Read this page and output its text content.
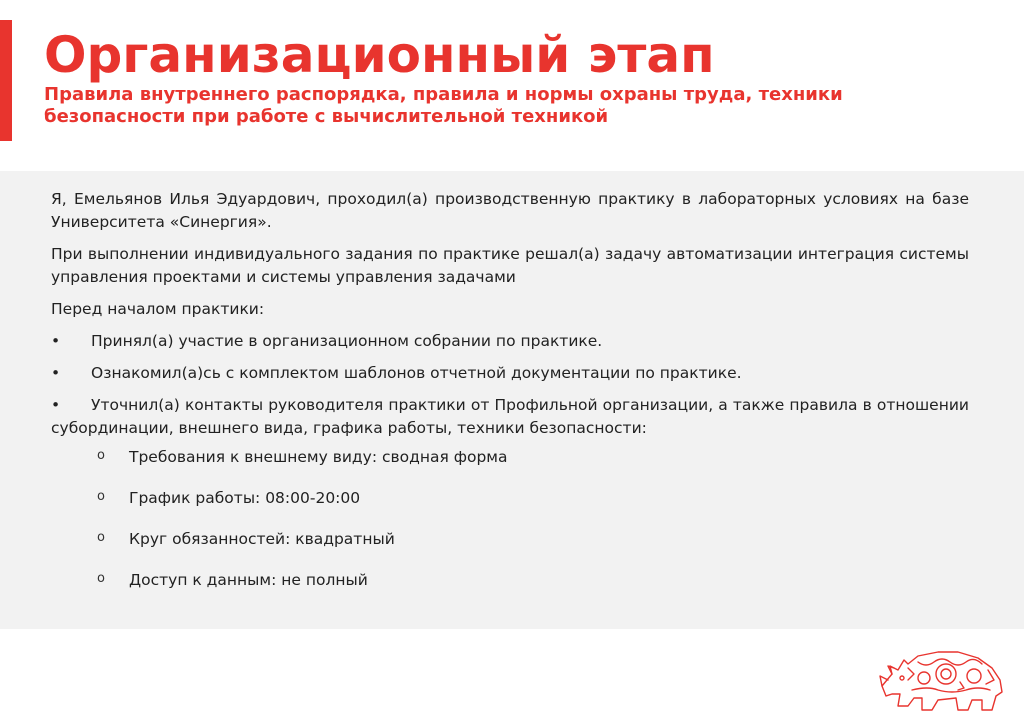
Организационный этап
Правила внутреннего распорядка, правила и нормы охраны труда, техники безопасности при работе с вычислительной техникой

Я, Емельянов Илья Эдуардович, проходил(а) производственную практику в лабораторных условиях на базе Университета «Синергия».

При выполнении индивидуального задания по практике решал(а) задачу автоматизации интеграция системы управления проектами и системы управления задачами

Перед началом практики:

• Принял(а) участие в организационном собрании по практике.

• Ознакомил(а)сь с комплектом шаблонов отчетной документации по практике.

• Уточнил(а) контакты руководителя практики от Профильной организации, а также правила в отношении субординации, внешнего вида, графика работы, техники безопасности:

o Требования к внешнему виду: сводная форма
o График работы: 08:00-20:00
o Круг обязанностей: квадратный
o Доступ к данным: не полный
